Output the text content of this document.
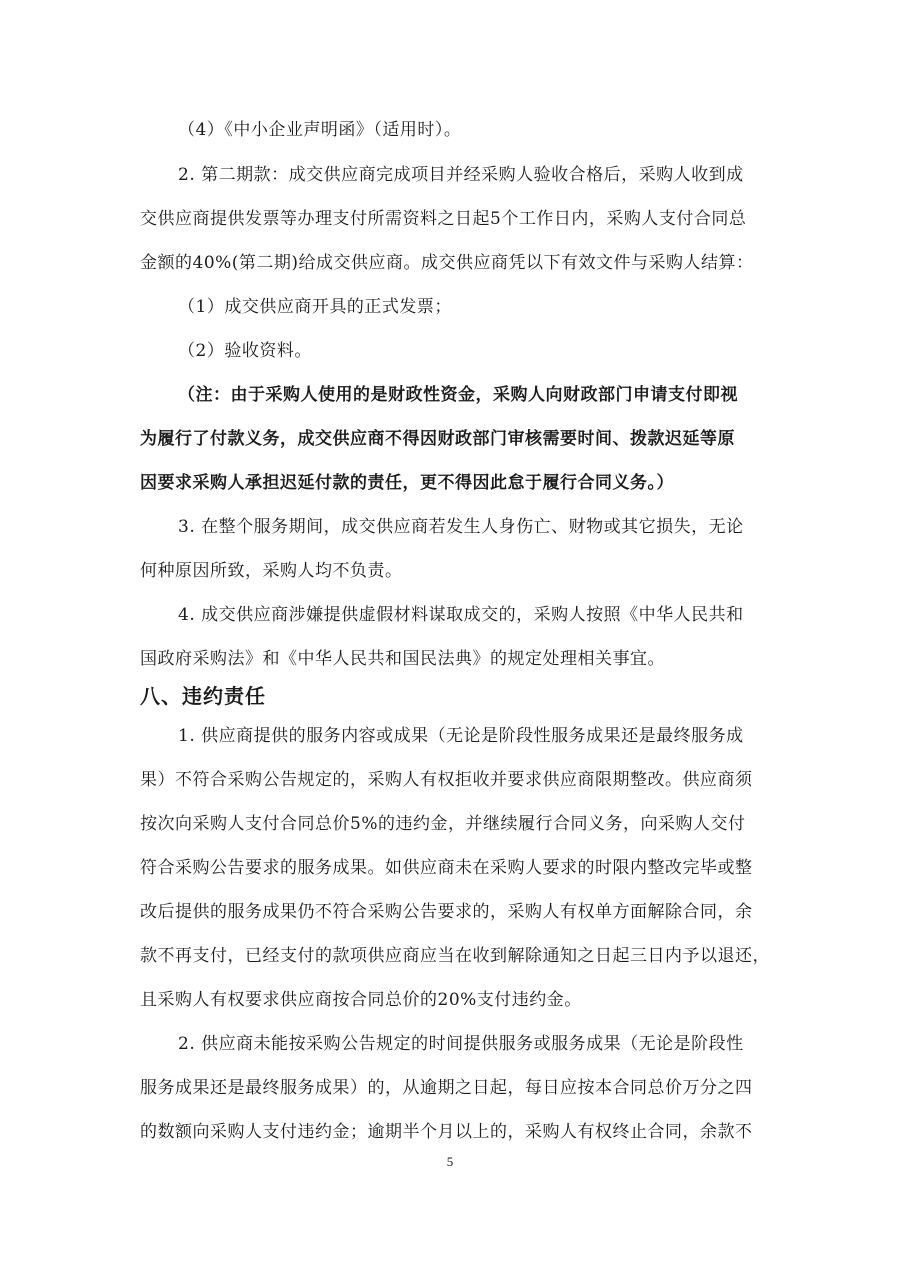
（4）《中小企业声明函》（适用时）。
2. 第二期款：成交供应商完成项目并经采购人验收合格后，采购人收到成
交供应商提供发票等办理支付所需资料之日起5个工作日内，采购人支付合同总
金额的40%(第二期)给成交供应商。成交供应商凭以下有效文件与采购人结算：
（1）成交供应商开具的正式发票；
（2）验收资料。
（注：由于采购人使用的是财政性资金，采购人向财政部门申请支付即视
为履行了付款义务，成交供应商不得因财政部门审核需要时间、拨款迟延等原
因要求采购人承担迟延付款的责任，更不得因此怠于履行合同义务。）
3. 在整个服务期间，成交供应商若发生人身伤亡、财物或其它损失，无论
何种原因所致，采购人均不负责。
4. 成交供应商涉嫌提供虚假材料谋取成交的，采购人按照《中华人民共和
国政府采购法》和《中华人民共和国民法典》的规定处理相关事宜。
八、违约责任
1. 供应商提供的服务内容或成果（无论是阶段性服务成果还是最终服务成
果）不符合采购公告规定的，采购人有权拒收并要求供应商限期整改。供应商须
按次向采购人支付合同总价5%的违约金，并继续履行合同义务，向采购人交付
符合采购公告要求的服务成果。如供应商未在采购人要求的时限内整改完毕或整
改后提供的服务成果仍不符合采购公告要求的，采购人有权单方面解除合同，余
款不再支付，已经支付的款项供应商应当在收到解除通知之日起三日内予以退还，
且采购人有权要求供应商按合同总价的20%支付违约金。
2. 供应商未能按采购公告规定的时间提供服务或服务成果（无论是阶段性
服务成果还是最终服务成果）的，从逾期之日起，每日应按本合同总价万分之四
的数额向采购人支付违约金；逾期半个月以上的，采购人有权终止合同，余款不
5
